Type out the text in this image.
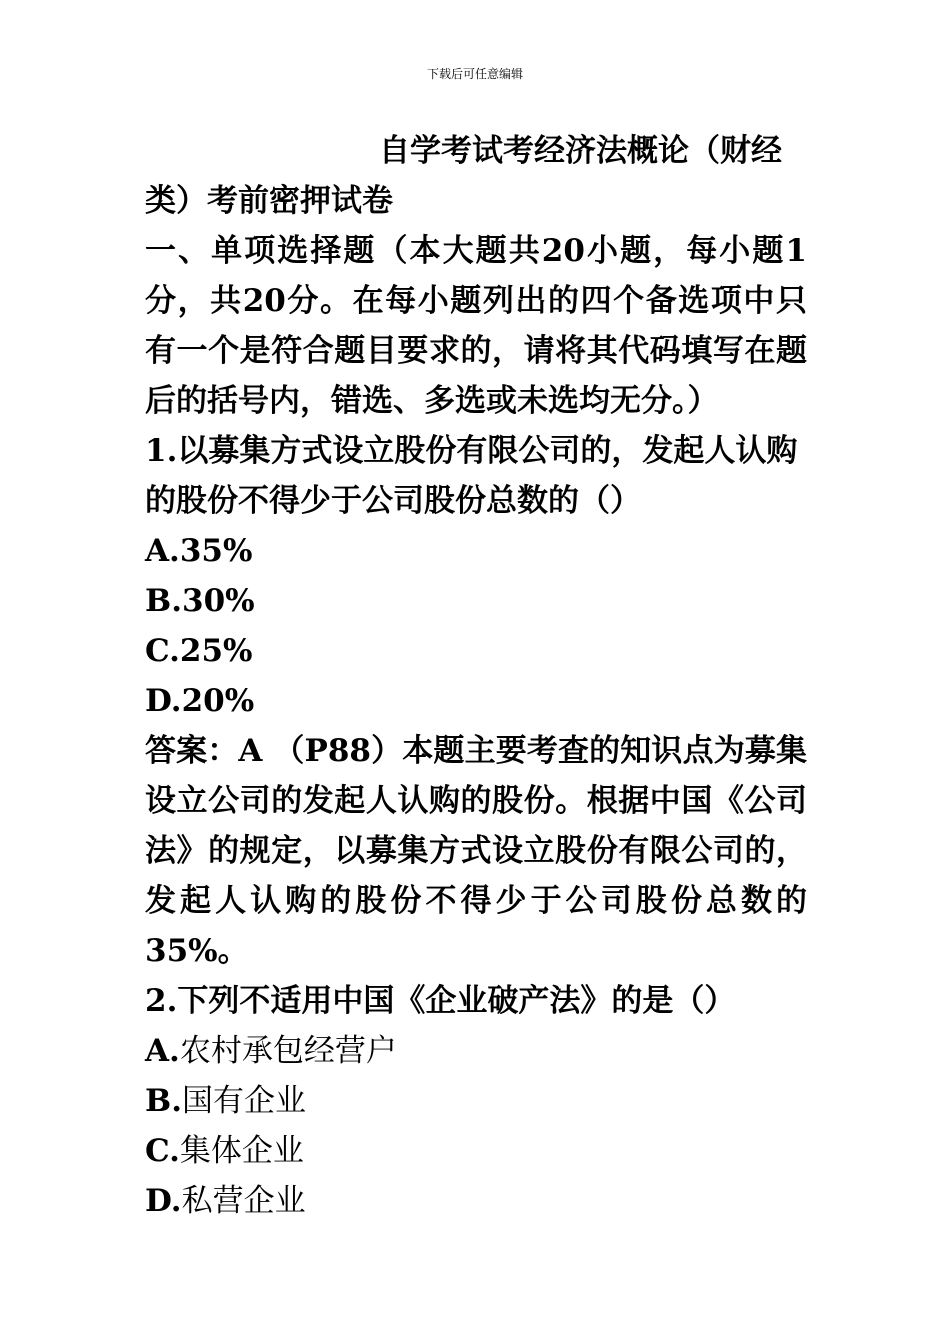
下载后可任意编辑

自学考试考经济法概论（财经类）考前密押试卷

一、单项选择题（本大题共20小题，每小题1分，共20分。在每小题列出的四个备选项中只有一个是符合题目要求的，请将其代码填写在题后的括号内，错选、多选或未选均无分。）

1.以募集方式设立股份有限公司的，发起人认购的股份不得少于公司股份总数的（）

A.35%

B.30%

C.25%

D.20%

答案：A （P88）本题主要考查的知识点为募集设立公司的发起人认购的股份。根据中国《公司法》的规定，以募集方式设立股份有限公司的，发起人认购的股份不得少于公司股份总数的35%。

2.下列不适用中国《企业破产法》的是（）

A.农村承包经营户

B.国有企业

C.集体企业

D.私营企业
